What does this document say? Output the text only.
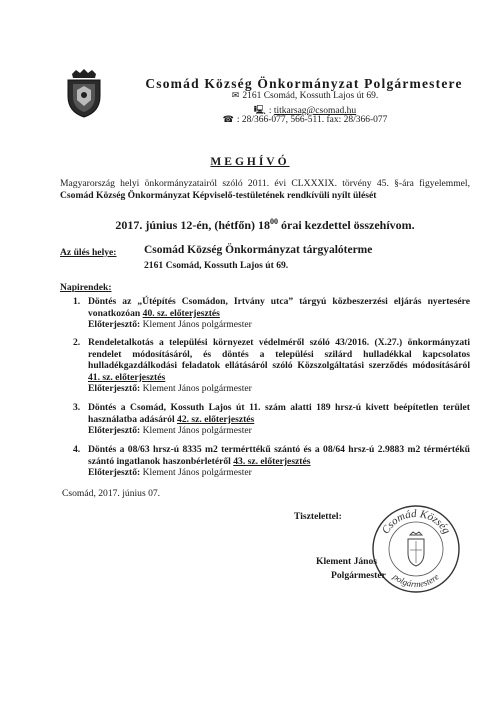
Csomád Község Önkormányzat Polgármestere
✉ 2161 Csomád, Kossuth Lajos út 69.
🖳 : titkarsag@csomad.hu
☎ : 28/366-077, 566-511. fax: 28/366-077
MEGHÍVÓ
Magyarország helyi önkormányzatairól szóló 2011. évi CLXXXIX. törvény 45. §-ára figyelemmel, Csomád Község Önkormányzat Képviselő-testületének rendkívüli nyílt ülését
2017. június 12-én, (hétfőn) $18^{00}$ órai kezdettel összehívom.
Az ülés helye: Csomád Község Önkormányzat tárgyalóterme
2161 Csomád, Kossuth Lajos út 69.
Napirendek:
1. Döntés az „Útépítés Csomádon, Irtvány utca” tárgyú közbeszerzési eljárás nyertesére vonatkozóan 40. sz. előterjesztés
Előterjesztő: Klement János polgármester
2. Rendeletalkotás a települési környezet védelméről szóló 43/2016. (X.27.) önkormányzati rendelet módosításáról, és döntés a települési szilárd hulladékkal kapcsolatos hulladékgazdálkodási feladatok ellátásáról szóló Közszolgáltatási szerződés módosításáról 41. sz. előterjesztés
Előterjesztő: Klement János polgármester
3. Döntés a Csomád, Kossuth Lajos út 11. szám alatti 189 hrsz-ú kivett beépítetlen terület használatba adásáról 42. sz. előterjesztés
Előterjesztő: Klement János polgármester
4. Döntés a 08/63 hrsz-ú 8335 m2 termérttékű szántó és a 08/64 hrsz-ú 2.9883 m2 térmértékű szántó ingatlanok haszonbérletéről 43. sz. előterjesztés
Előterjesztő: Klement János polgármester
Csomád, 2017. június 07.
Tisztelettel:
Csomád Község
polgármestere
Klement János
Polgármester
